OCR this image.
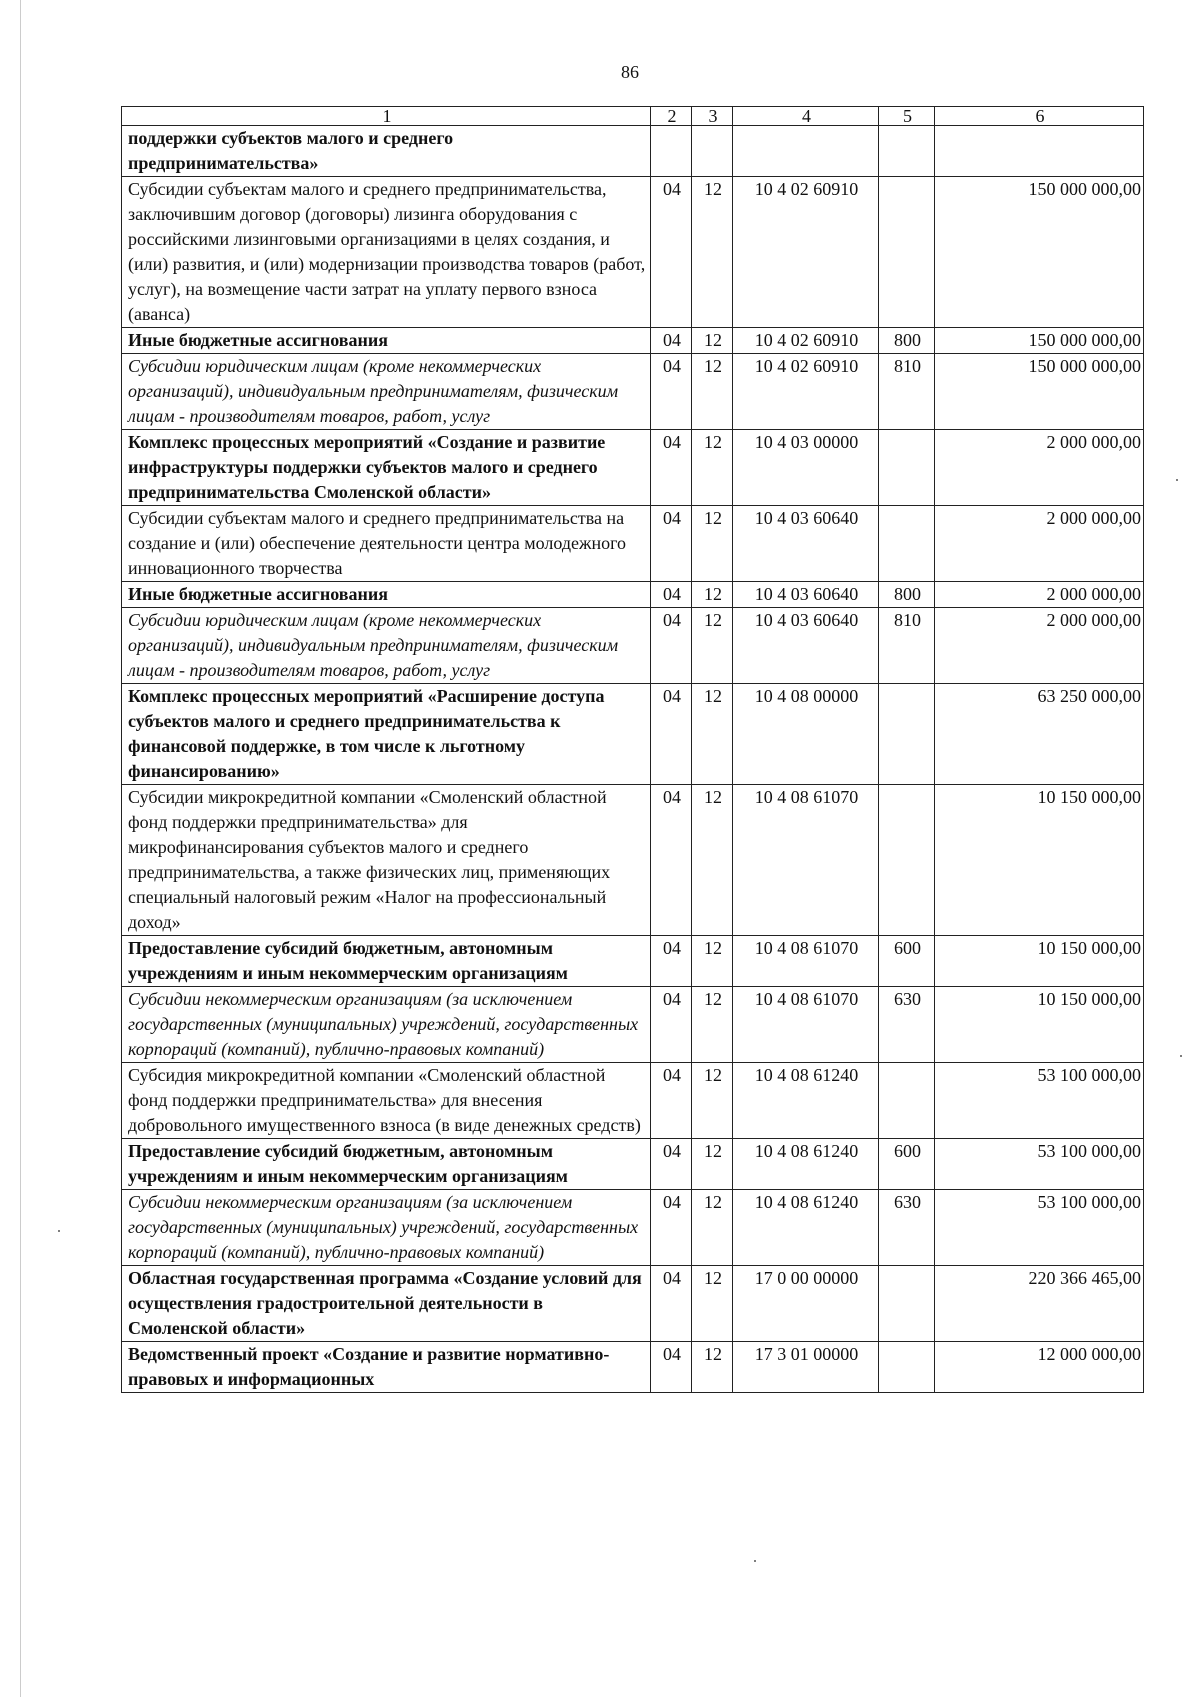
86
1	2	3	4	5	6
поддержки субъектов малого и среднего предпринимательства»					
Субсидии субъектам малого и среднего предпринимательства, заключившим договор (договоры) лизинга оборудования с российскими лизинговыми организациями в целях создания, и (или) развития, и (или) модернизации производства товаров (работ, услуг), на возмещение части затрат на уплату первого взноса (аванса)	04	12	10 4 02 60910		150 000 000,00
Иные бюджетные ассигнования	04	12	10 4 02 60910	800	150 000 000,00
Субсидии юридическим лицам (кроме некоммерческих организаций), индивидуальным предпринимателям, физическим лицам - производителям товаров, работ, услуг	04	12	10 4 02 60910	810	150 000 000,00
Комплекс процессных мероприятий «Создание и развитие инфраструктуры поддержки субъектов малого и среднего предпринимательства Смоленской области»	04	12	10 4 03 00000		2 000 000,00
Субсидии субъектам малого и среднего предпринимательства на создание и (или) обеспечение деятельности центра молодежного инновационного творчества	04	12	10 4 03 60640		2 000 000,00
Иные бюджетные ассигнования	04	12	10 4 03 60640	800	2 000 000,00
Субсидии юридическим лицам (кроме некоммерческих организаций), индивидуальным предпринимателям, физическим лицам - производителям товаров, работ, услуг	04	12	10 4 03 60640	810	2 000 000,00
Комплекс процессных мероприятий «Расширение доступа субъектов малого и среднего предпринимательства к финансовой поддержке, в том числе к льготному финансированию»	04	12	10 4 08 00000		63 250 000,00
Субсидии микрокредитной компании «Смоленский областной фонд поддержки предпринимательства» для микрофинансирования субъектов малого и среднего предпринимательства, а также физических лиц, применяющих специальный налоговый режим «Налог на профессиональный доход»	04	12	10 4 08 61070		10 150 000,00
Предоставление субсидий бюджетным, автономным учреждениям и иным некоммерческим организациям	04	12	10 4 08 61070	600	10 150 000,00
Субсидии некоммерческим организациям (за исключением государственных (муниципальных) учреждений, государственных корпораций (компаний), публично-правовых компаний)	04	12	10 4 08 61070	630	10 150 000,00
Субсидия микрокредитной компании «Смоленский областной фонд поддержки предпринимательства» для внесения добровольного имущественного взноса (в виде денежных средств)	04	12	10 4 08 61240		53 100 000,00
Предоставление субсидий бюджетным, автономным учреждениям и иным некоммерческим организациям	04	12	10 4 08 61240	600	53 100 000,00
Субсидии некоммерческим организациям (за исключением государственных (муниципальных) учреждений, государственных корпораций (компаний), публично-правовых компаний)	04	12	10 4 08 61240	630	53 100 000,00
Областная государственная программа «Создание условий для осуществления градостроительной деятельности в Смоленской области»	04	12	17 0 00 00000		220 366 465,00
Ведомственный проект «Создание и развитие нормативно-правовых и информационных	04	12	17 3 01 00000		12 000 000,00
